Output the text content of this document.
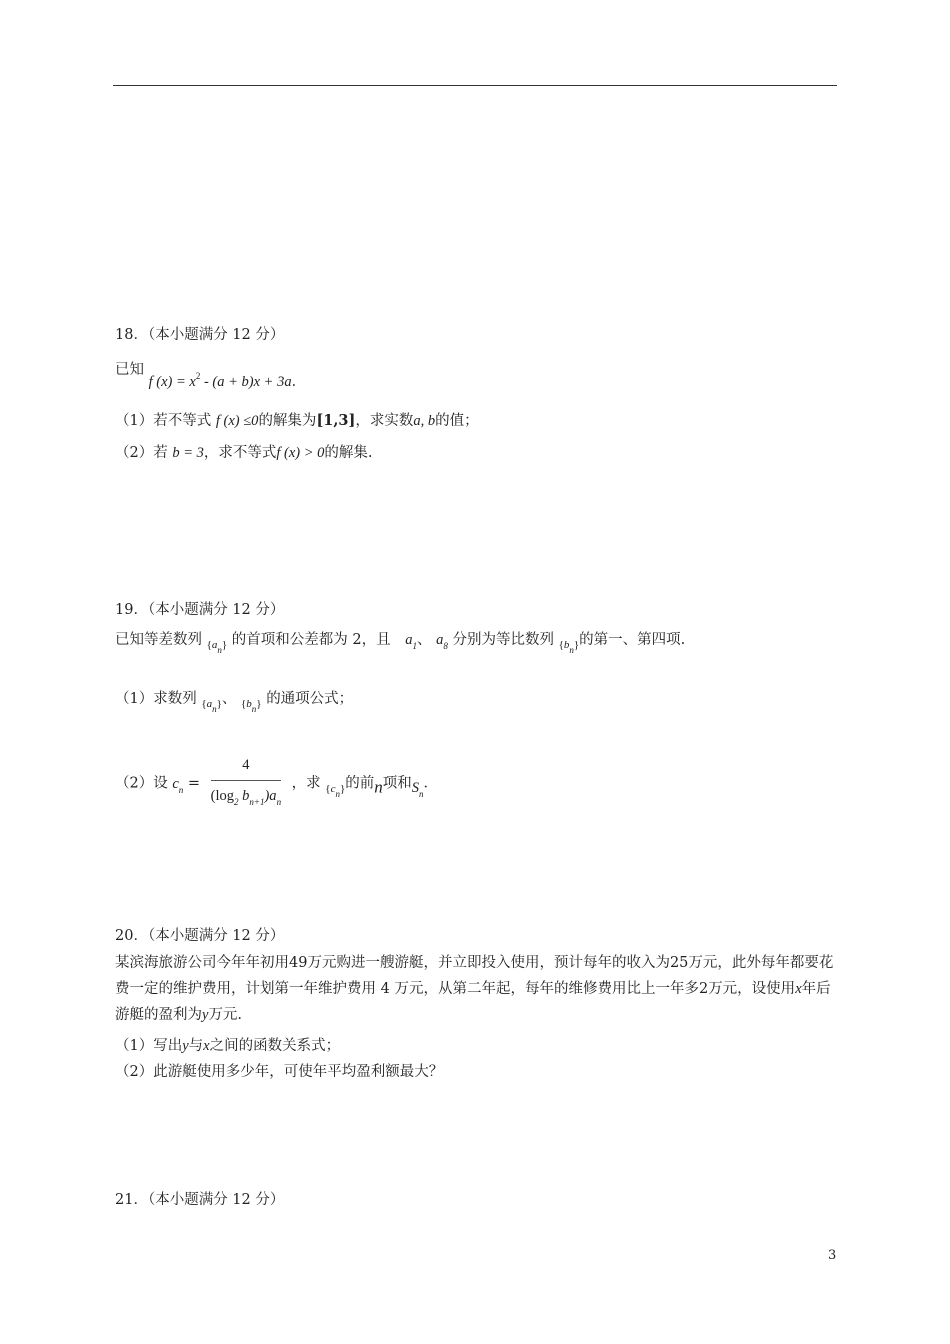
18．（本小题满分 12 分）
已知 f $(x) = x^2 - (a + b)x + 3a$．
（1）若不等式 f (x) ≤0的解集为[1,3]，求实数a, b的值；
（2）若 b = 3，求不等式f (x) > 0的解集.
19．（本小题满分 12 分）
已知等差数列 $_{\{a_n\}}$ 的首项和公差都为 2，且 $a_1$、 $a_8$ 分别为等比数列 $_{\{b_n\}}$的第一、第四项.
（1）求数列 $_{\{a_n\}}$、 $_{\{b_n\}}$ 的通项公式；
（2）设 $c_n = \frac{4}{(\log_2 b_{n+1})a_n}$ ，求 $_{\{c_n\}}$的前n项和$S_n$．
20．（本小题满分 12 分）
某滨海旅游公司今年年初用49万元购进一艘游艇，并立即投入使用，预计每年的收入为25万元，此外每年都要花费一定的维护费用，计划第一年维护费用 4 万元，从第二年起，每年的维修费用比上一年多2万元，设使用x年后游艇的盈利为y万元.
（1）写出y与x之间的函数关系式；
（2）此游艇使用多少年，可使年平均盈利额最大？
21．（本小题满分 12 分）
3
